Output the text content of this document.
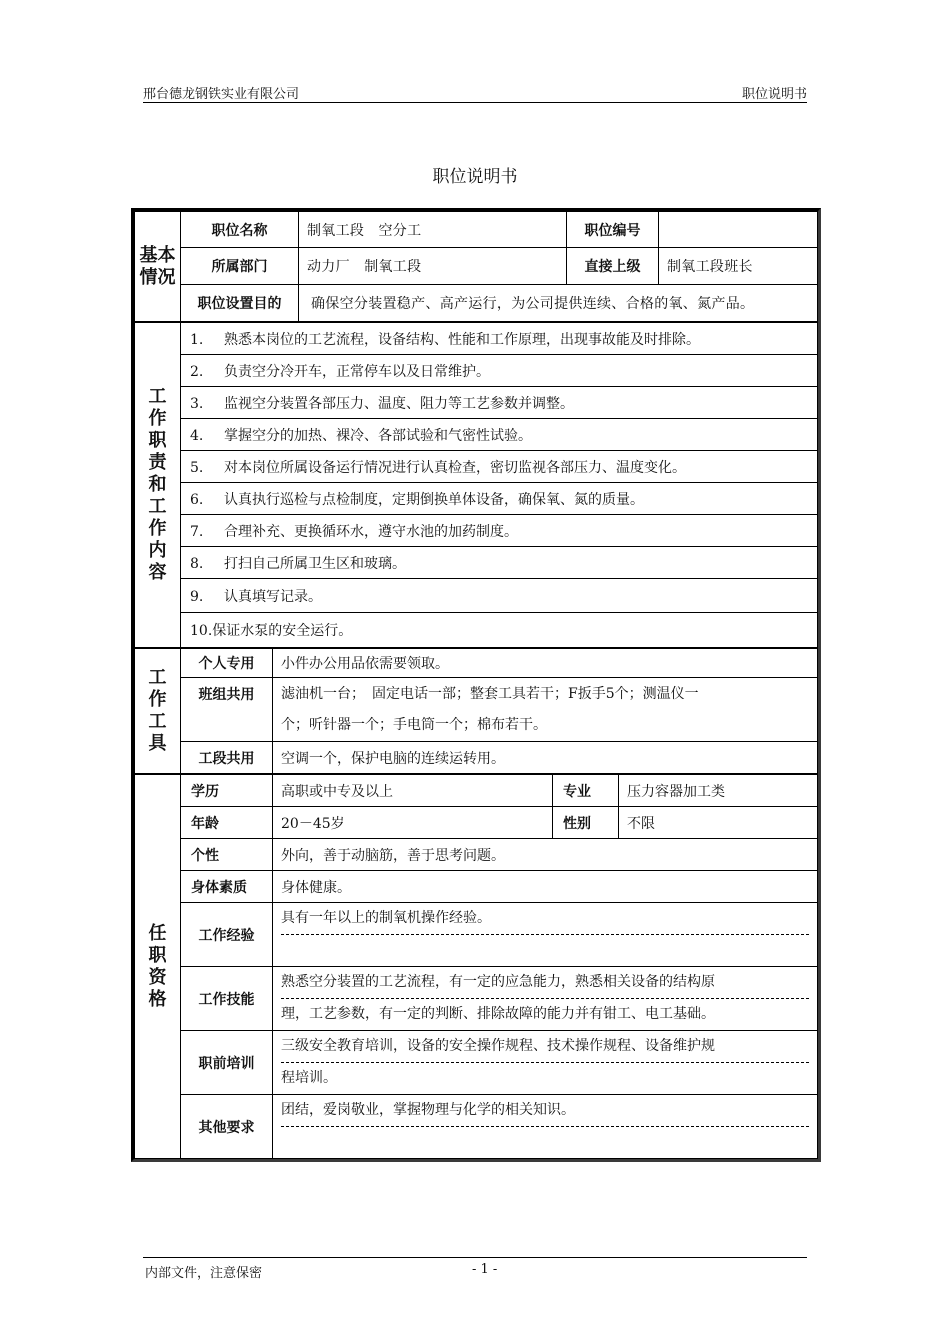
邢台德龙钢铁实业有限公司	职位说明书
职位说明书
基本情况	职位名称	制氧工段　空分工	职位编号	
	所属部门	动力厂　制氧工段	直接上级	制氧工段班长
	职位设置目的	确保空分装置稳产、高产运行，为公司提供连续、合格的氧、氮产品。		
工作职责和工作内容
	1. 熟悉本岗位的工艺流程，设备结构、性能和工作原理，出现事故能及时排除。
2. 负责空分冷开车，正常停车以及日常维护。
3. 监视空分装置各部压力、温度、阻力等工艺参数并调整。
4. 掌握空分的加热、裸冷、各部试验和气密性试验。
5. 对本岗位所属设备运行情况进行认真检查，密切监视各部压力、温度变化。
6. 认真执行巡检与点检制度，定期倒换单体设备，确保氧、氮的质量。
7. 合理补充、更换循环水，遵守水池的加药制度。
8. 打扫自己所属卫生区和玻璃。
9. 认真填写记录。
10.保证水泵的安全运行。
工作工具	个人专用	小件办公用品依需要领取。
	班组共用	滤油机一台；　固定电话一部；整套工具若干；F扳手5个；测温仪一
个；听针器一个；手电筒一个；棉布若干。

	工段共用	空调一个，保护电脑的连续运转用。
任职资格	学历	高职或中专及以上	专业	压力容器加工类
	年龄	20－45岁	性别	不限
	个性	外向，善于动脑筋，善于思考问题。		
	身体素质	身体健康。		
	工作经验	具有一年以上的制氧机操作经验。		

	工作技能	熟悉空分装置的工艺流程，有一定的应急能力，熟悉相关设备的结构原
理，工艺参数，有一定的判断、排除故障的能力并有钳工、电工基础。		

	职前培训	三级安全教育培训，设备的安全操作规程、技术操作规程、设备维护规
程培训。		

	其他要求	团结，爱岗敬业，掌握物理与化学的相关知识。		
内部文件，注意保密	- 1 -
